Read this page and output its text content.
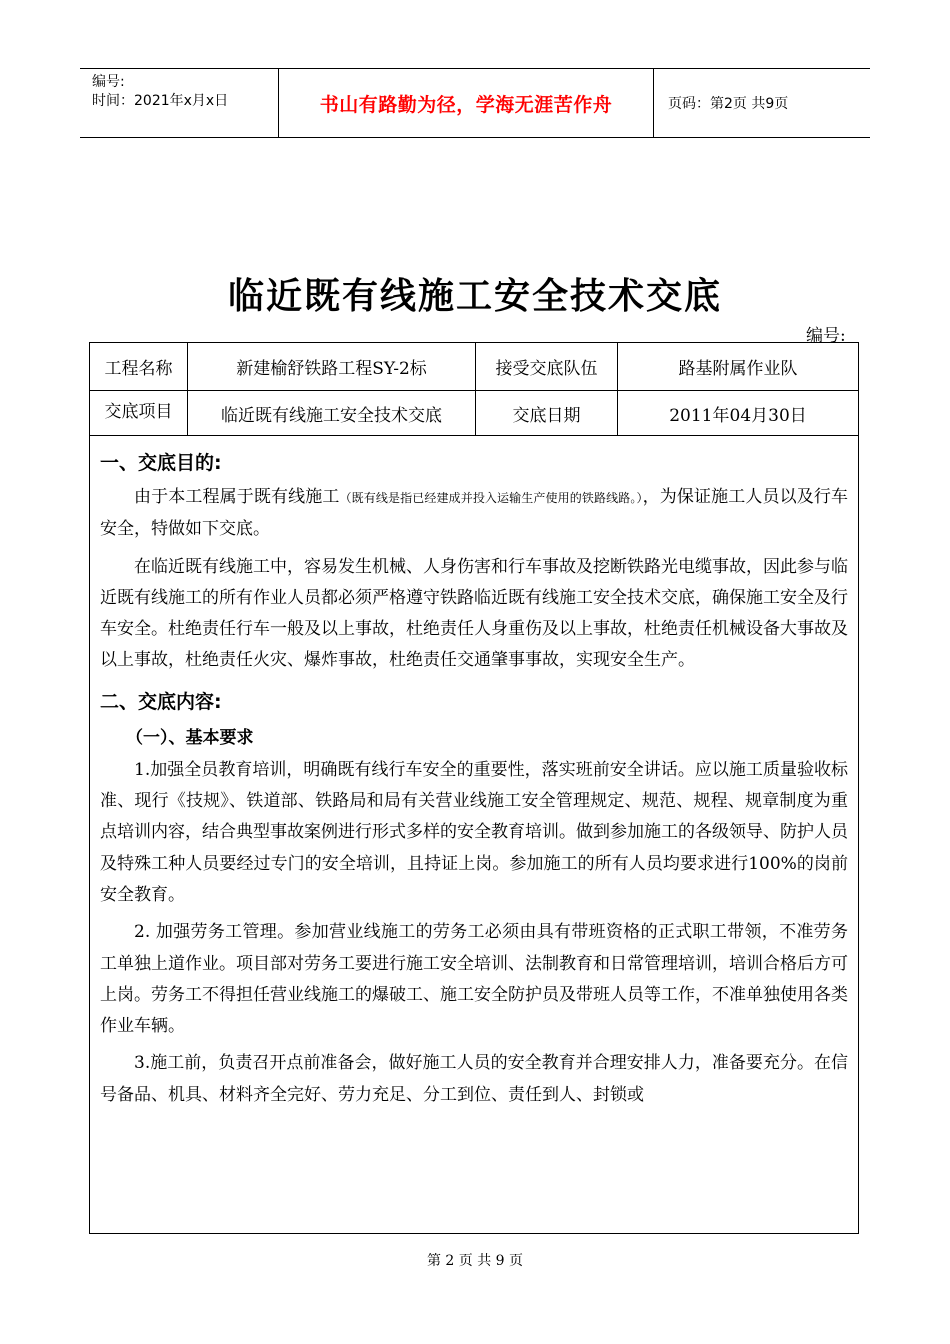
编号:
时间：2021年x月x日	书山有路勤为径，学海无涯苦作舟	页码：第2页 共9页
临近既有线施工安全技术交底
编号:
工程名称	新建榆舒铁路工程SY-2标	接受交底队伍	路基附属作业队
交底项目	临近既有线施工安全技术交底	交底日期	2011年04月30日
一、交底目的:

由于本工程属于既有线施工（既有线是指已经建成并投入运输生产使用的铁路线路。），为保证施工人员以及行车安全，特做如下交底。

在临近既有线施工中，容易发生机械、人身伤害和行车事故及挖断铁路光电缆事故，因此参与临近既有线施工的所有作业人员都必须严格遵守铁路临近既有线施工安全技术交底，确保施工安全及行车安全。杜绝责任行车一般及以上事故，杜绝责任人身重伤及以上事故，杜绝责任机械设备大事故及以上事故，杜绝责任火灾、爆炸事故，杜绝责任交通肇事事故，实现安全生产。

二、交底内容:
（一）、基本要求

1.加强全员教育培训，明确既有线行车安全的重要性，落实班前安全讲话。应以施工质量验收标准、现行《技规》、铁道部、铁路局和局有关营业线施工安全管理规定、规范、规程、规章制度为重点培训内容，结合典型事故案例进行形式多样的安全教育培训。做到参加施工的各级领导、防护人员及特殊工种人员要经过专门的安全培训，且持证上岗。参加施工的所有人员均要求进行100%的岗前安全教育。

2. 加强劳务工管理。参加营业线施工的劳务工必须由具有带班资格的正式职工带领，不准劳务工单独上道作业。项目部对劳务工要进行施工安全培训、法制教育和日常管理培训，培训合格后方可上岗。劳务工不得担任营业线施工的爆破工、施工安全防护员及带班人员等工作，不准单独使用各类作业车辆。

3.施工前，负责召开点前准备会，做好施工人员的安全教育并合理安排人力，准备要充分。在信号备品、机具、材料齐全完好、劳力充足、分工到位、责任到人、封锁或

第 2 页 共 9 页
